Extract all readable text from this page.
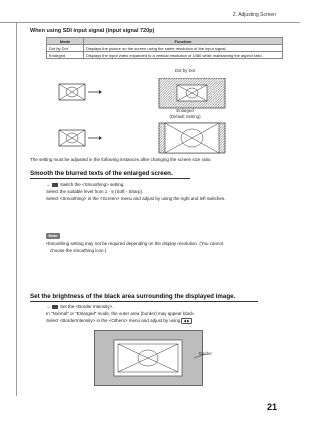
2. Adjusting Screen
When using SDI input signal (input signal 720p)
Mode	Function
Dot by Dot	Displays the picture on the screen using the same resolution of the input signal.
Enlarged	Displays the input video expanded to a vertical resolution of 1080 while maintaining the aspect ratio.
Dot by Dot
Enlarged
(Default Setting)
The setting must be adjusted in the following instances after changing the screen size ratio.
Smooth the blurred texts of the enlarged screen.
→ Switch the <Smoothing> setting.
Select the suitable level from 1 - 5 (Soft - Sharp).
Select <Smoothing> in the <Screen> menu and adjust by using the right and left switches.
Note
•Smoothing setting may not be required depending on the display resolution. (You cannot
choose the smoothing icon.)
Set the brightness of the black area surrounding the displayed image.
→ Set the <Border Intensity>.
In "Normal" or "Enlarged" mode, the outer area (border) may appear black.
Select <BorderIntensity> in the <Others> menu and adjust by using ◀ ▶
Border
21
